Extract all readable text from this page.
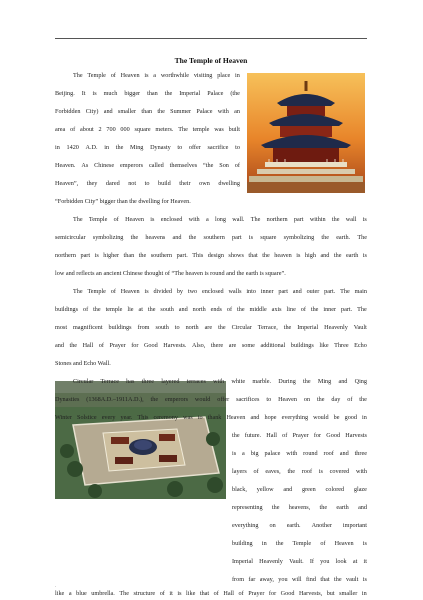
The Temple of Heaven
The Temple of Heaven is a worthwhile visiting place in
Beijing. It is much bigger than the Imperial Palace (the
Forbidden City) and smaller than the Summer Palace with an
area of about 2 700 000 square meters. The temple was built
in 1420 A.D. in the Ming Dynasty to offer sacrifice to
Heaven. As Chinese emperors called themselves “the Son of
Heaven”, they dared not to build their own dwelling
“Forbidden City” bigger than the dwelling for Heaven.
The Temple of Heaven is enclosed with a long wall. The northern part within the wall is
semicircular symbolizing the heavens and the southern part is square symbolizing the earth. The
northern part is higher than the southern part. This design shows that the heaven is high and the earth is
low and reflects an ancient Chinese thought of “The heaven is round and the earth is square”.
The Temple of Heaven is divided by two enclosed walls into inner part and outer part. The main
buildings of the temple lie at the south and north ends of the middle axis line of the inner part. The
most magnificent buildings from south to north are the Circular Terrace, the Imperial Heavenly Vault
and the Hall of Prayer for Good Harvests. Also, there are some additional buildings like Three Echo
Stones and Echo Wall.
Circular Terrace has three layered terraces with white marble. During the Ming and Qing
Dynasties (1368A.D.–1911A.D.), the emperors would offer sacrifices to Heaven on the day of the
Winter Solstice every year. This ceremony was to thank Heaven and hope everything would be good in
the future. Hall of Prayer for Good Harvests
is a big palace with round roof and three
layers of eaves, the roof is covered with
black, yellow and green colored glaze
representing the heavens, the earth and
everything on earth. Another important
building in the Temple of Heaven is
Imperial Heavenly Vault. If you look at it
from far away, you will find that the vault is
like a blue umbrella. The structure of it is like that of Hall of Prayer for Good Harvests, but smaller in
.
